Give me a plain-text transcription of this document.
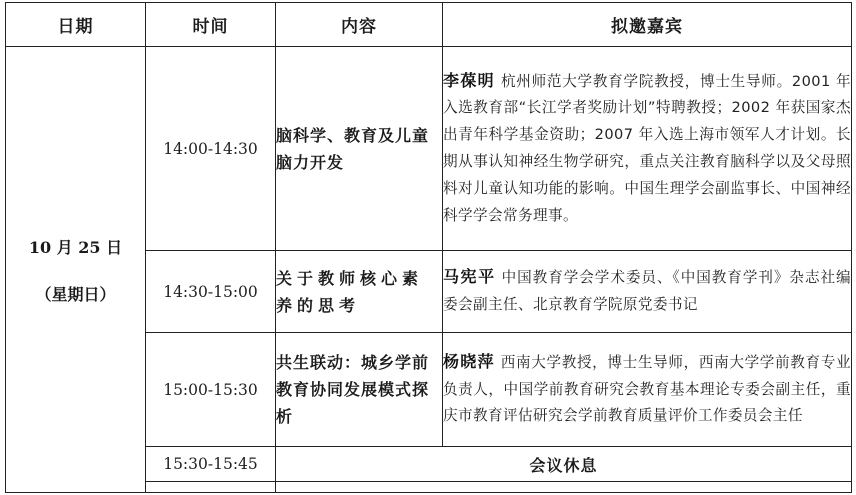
日期	时间	内容	拟邀嘉宾

10 月 25 日
（星期日）	14:00-14:30	脑科学、教育及儿童脑力开发	李葆明 杭州师范大学教育学院教授，博士生导师。2001 年入选教育部“长江学者奖励计划”特聘教授；2002 年获国家杰出青年科学基金资助；2007 年入选上海市领军人才计划。长期从事认知神经生物学研究，重点关注教育脑科学以及父母照料对儿童认知功能的影响。中国生理学会副监事长、中国神经科学学会常务理事。
	14:30-15:00	关于教师核心素养的思考	马宪平 中国教育学会学术委员、《中国教育学刊》杂志社编委会副主任、北京教育学院原党委书记
	15:00-15:30	共生联动：城乡学前教育协同发展模式探析	杨晓萍 西南大学教授，博士生导师，西南大学学前教育专业负责人，中国学前教育研究会教育基本理论专委会副主任，重庆市教育评估研究会学前教育质量评价工作委员会主任
	15:30-15:45	会议休息	
